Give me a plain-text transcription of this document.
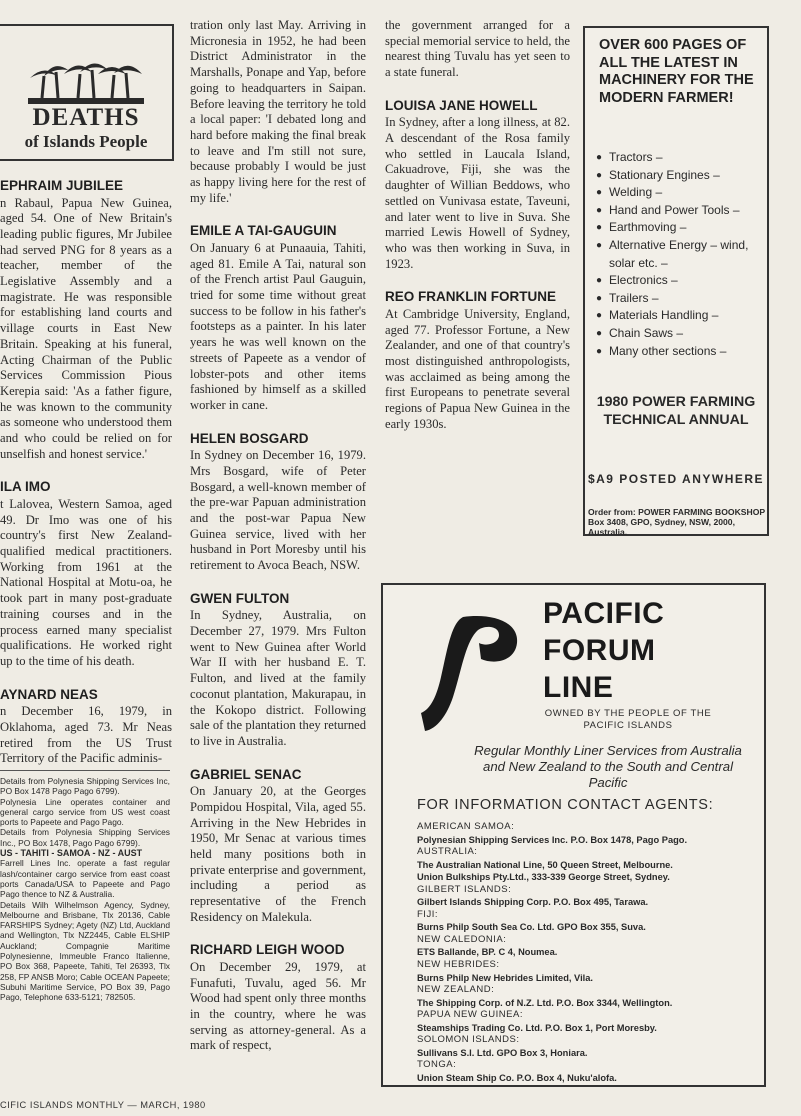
DEATHS
of Islands People
EPHRAIM JUBILEE

n Rabaul, Papua New Guinea, aged 54. One of New Britain's leading public figures, Mr Jubilee had served PNG for 8 years as a teacher, member of the Legislative Assembly and a magistrate. He was responsible for establishing land courts and village courts in East New Britain. Speaking at his funeral, Acting Chairman of the Public Services Commission Pious Kerepia said: 'As a father figure, he was known to the community as someone who understood them and who could be relied on for unselfish and honest service.'

ILA IMO

t Lalovea, Western Samoa, aged 49. Dr Imo was one of his country's first New Zealand-qualified medical practitioners. Working from 1961 at the National Hospital at Motu-oa, he took part in many post-graduate training courses and in the process earned many specialist qualifications. He worked right up to the time of his death.

AYNARD NEAS

n December 16, 1979, in Oklahoma, aged 73. Mr Neas retired from the US Trust Territory of the Pacific adminis-

Details from Polynesia Shipping Services Inc, PO Box 1478 Pago Pago 6799).

Polynesia Line operates container and general cargo service from US west coast ports to Papeete and Pago Pago.

Details from Polynesia Shipping Services Inc., PO Box 1478, Pago Pago 6799).

US - TAHITI - SAMOA - NZ - AUST

Farrell Lines Inc. operate a fast regular lash/container cargo service from east coast ports Canada/USA to Papeete and Pago Pago thence to NZ & Australia.

Details Wilh Wilhelmson Agency, Sydney, Melbourne and Brisbane, Tlx 20136, Cable FARSHIPS Sydney; Agety (NZ) Ltd, Auckland and Wellington, Tlx NZ2445, Cable ELSHIP Auckland; Compagnie Maritime Polynesienne, Immeuble Franco Italienne, PO Box 368, Papeete, Tahiti, Tel 26393, Tlx 258, FP ANSB Moro; Cable OCEAN Papeete; Subuhi Maritime Service, PO Box 39, Pago Pago, Telephone 633-5121; 782505.

tration only last May. Arriving in Micronesia in 1952, he had been District Administrator in the Marshalls, Ponape and Yap, before going to headquarters in Saipan. Before leaving the territory he told a local paper: 'I debated long and hard before making the final break to leave and I'm still not sure, because probably I would be just as happy living here for the rest of my life.'

EMILE A TAI-GAUGUIN

On January 6 at Punaauia, Tahiti, aged 81. Emile A Tai, natural son of the French artist Paul Gauguin, tried for some time without great success to be follow in his father's footsteps as a painter. In his later years he was well known on the streets of Papeete as a vendor of lobster-pots and other items fashioned by himself as a skilled worker in cane.

HELEN BOSGARD

In Sydney on December 16, 1979. Mrs Bosgard, wife of Peter Bosgard, a well-known member of the pre-war Papuan administration and the post-war Papua New Guinea service, lived with her husband in Port Moresby until his retirement to Avoca Beach, NSW.

GWEN FULTON

In Sydney, Australia, on December 27, 1979. Mrs Fulton went to New Guinea after World War II with her husband E. T. Fulton, and lived at the family coconut plantation, Makurapau, in the Kokopo district. Following sale of the plantation they returned to live in Australia.

GABRIEL SENAC

On January 20, at the Georges Pompidou Hospital, Vila, aged 55. Arriving in the New Hebrides in 1950, Mr Senac at various times held many positions both in private enterprise and government, including a period as representative of the French Residency on Malekula.

RICHARD LEIGH WOOD

On December 29, 1979, at Funafuti, Tuvalu, aged 56. Mr Wood had spent only three months in the country, where he was serving as attorney-general. As a mark of respect,

the government arranged for a special memorial service to held, the nearest thing Tuvalu has yet seen to a state funeral.

LOUISA JANE HOWELL

In Sydney, after a long illness, at 82. A descendant of the Rosa family who settled in Laucala Island, Cakuadrove, Fiji, she was the daughter of Willian Beddows, who settled on Vunivasa estate, Taveuni, and later went to live in Suva. She married Lewis Howell of Sydney, who was then working in Suva, in 1923.

REO FRANKLIN FORTUNE

At Cambridge University, England, aged 77. Professor Fortune, a New Zealander, and one of that country's most distinguished anthropologists, was acclaimed as being among the first Europeans to penetrate several regions of Papua New Guinea in the early 1930s.

OVER 600 PAGES OF ALL THE LATEST IN MACHINERY FOR THE MODERN FARMER!
● Tractors –
● Stationary Engines –
● Welding –
● Hand and Power Tools –
● Earthmoving –
● Alternative Energy – wind, solar etc. –
● Electronics –
● Trailers –
● Materials Handling –
● Chain Saws –
● Many other sections –
1980 POWER FARMING TECHNICAL ANNUAL
$A9 POSTED ANYWHERE
Order from: POWER FARMING BOOKSHOP Box 3408, GPO, Sydney, NSW, 2000, Australia.
PACIFIC
FORUM
LINE
OWNED BY THE PEOPLE OF THE PACIFIC ISLANDS
Regular Monthly Liner Services from Australia and New Zealand to the South and Central Pacific
FOR INFORMATION CONTACT AGENTS:
AMERICAN SAMOA:
Polynesian Shipping Services Inc. P.O. Box 1478, Pago Pago.
AUSTRALIA:
The Australian National Line, 50 Queen Street, Melbourne.
Union Bulkships Pty.Ltd., 333-339 George Street, Sydney.
GILBERT ISLANDS:
Gilbert Islands Shipping Corp. P.O. Box 495, Tarawa.
FIJI:
Burns Philp South Sea Co. Ltd. GPO Box 355, Suva.
NEW CALEDONIA:
ETS Ballande, BP. C 4, Noumea.
NEW HEBRIDES:
Burns Philp New Hebrides Limited, Vila.
NEW ZEALAND:
The Shipping Corp. of N.Z. Ltd. P.O. Box 3344, Wellington.
PAPUA NEW GUINEA:
Steamships Trading Co. Ltd. P.O. Box 1, Port Moresby.
SOLOMON ISLANDS:
Sullivans S.I. Ltd. GPO Box 3, Honiara.
TONGA:
Union Steam Ship Co. P.O. Box 4, Nuku'alofa.
CIFIC ISLANDS MONTHLY — MARCH, 1980
